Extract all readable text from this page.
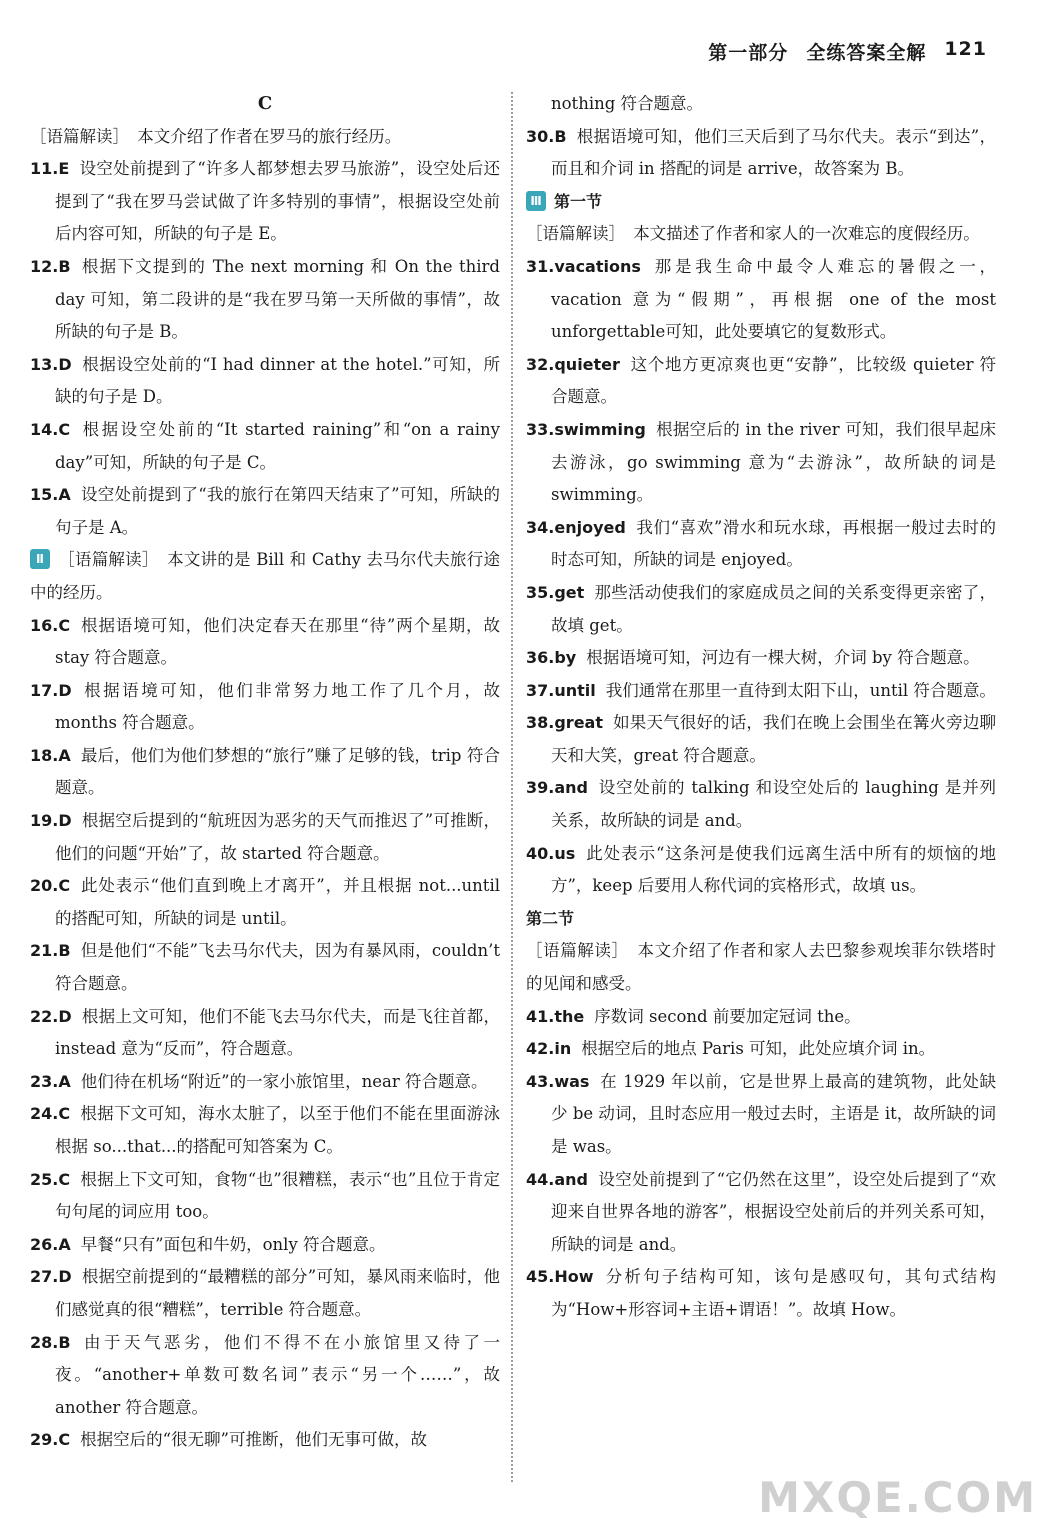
第一部分 全练答案全解 121
C
［语篇解读］　本文介绍了作者在罗马的旅行经历。
11.E 设空处前提到了“许多人都梦想去罗马旅游”，设空处后还提到了“我在罗马尝试做了许多特别的事情”，根据设空处前后内容可知，所缺的句子是 E。
12.B 根据下文提到的 The next morning 和 On the third day 可知，第二段讲的是“我在罗马第一天所做的事情”，故所缺的句子是 B。
13.D 根据设空处前的“I had dinner at the hotel.”可知，所缺的句子是 D。
14.C 根据设空处前的“It started raining”和“on a rainy day”可知，所缺的句子是 C。
15.A 设空处前提到了“我的旅行在第四天结束了”可知，所缺的句子是 A。
Ⅱ ［语篇解读］　本文讲的是 Bill 和 Cathy 去马尔代夫旅行途中的经历。
16.C 根据语境可知，他们决定春天在那里“待”两个星期，故 stay 符合题意。
17.D 根据语境可知，他们非常努力地工作了几个月，故 months 符合题意。
18.A 最后，他们为他们梦想的“旅行”赚了足够的钱，trip 符合题意。
19.D 根据空后提到的“航班因为恶劣的天气而推迟了”可推断，他们的问题“开始”了，故 started 符合题意。
20.C 此处表示“他们直到晚上才离开”，并且根据 not...until 的搭配可知，所缺的词是 until。
21.B 但是他们“不能”飞去马尔代夫，因为有暴风雨，couldn’t 符合题意。
22.D 根据上文可知，他们不能飞去马尔代夫，而是飞往首都，instead 意为“反而”，符合题意。
23.A 他们待在机场“附近”的一家小旅馆里，near 符合题意。
24.C 根据下文可知，海水太脏了，以至于他们不能在里面游泳根据 so...that...的搭配可知答案为 C。
25.C 根据上下文可知，食物“也”很糟糕，表示“也”且位于肯定句句尾的词应用 too。
26.A 早餐“只有”面包和牛奶，only 符合题意。
27.D 根据空前提到的“最糟糕的部分”可知，暴风雨来临时，他们感觉真的很“糟糕”，terrible 符合题意。
28.B 由于天气恶劣，他们不得不在小旅馆里又待了一夜。“another+单数可数名词”表示“另一个……”，故 another 符合题意。
29.C 根据空后的“很无聊”可推断，他们无事可做，故
nothing 符合题意。
30.B 根据语境可知，他们三天后到了马尔代夫。表示“到达”，而且和介词 in 搭配的词是 arrive，故答案为 B。
Ⅲ 第一节
［语篇解读］　本文描述了作者和家人的一次难忘的度假经历。
31.vacations 那是我生命中最令人难忘的暑假之一，vacation 意为“假期”，再根据 one of the most unforgettable可知，此处要填它的复数形式。
32.quieter 这个地方更凉爽也更“安静”，比较级 quieter 符合题意。
33.swimming 根据空后的 in the river 可知，我们很早起床去游泳，go swimming 意为“去游泳”，故所缺的词是 swimming。
34.enjoyed 我们“喜欢”滑水和玩水球，再根据一般过去时的时态可知，所缺的词是 enjoyed。
35.get 那些活动使我们的家庭成员之间的关系变得更亲密了，故填 get。
36.by 根据语境可知，河边有一棵大树，介词 by 符合题意。
37.until 我们通常在那里一直待到太阳下山，until 符合题意。
38.great 如果天气很好的话，我们在晚上会围坐在篝火旁边聊天和大笑，great 符合题意。
39.and 设空处前的 talking 和设空处后的 laughing 是并列关系，故所缺的词是 and。
40.us 此处表示“这条河是使我们远离生活中所有的烦恼的地方”，keep 后要用人称代词的宾格形式，故填 us。
第二节
［语篇解读］　本文介绍了作者和家人去巴黎参观埃菲尔铁塔时的见闻和感受。
41.the 序数词 second 前要加定冠词 the。
42.in 根据空后的地点 Paris 可知，此处应填介词 in。
43.was 在 1929 年以前，它是世界上最高的建筑物，此处缺少 be 动词，且时态应用一般过去时，主语是 it，故所缺的词是 was。
44.and 设空处前提到了“它仍然在这里”，设空处后提到了“欢迎来自世界各地的游客”，根据设空处前后的并列关系可知，所缺的词是 and。
45.How 分析句子结构可知，该句是感叹句，其句式结构为“How+形容词+主语+谓语！”。故填 How。
MXQE.COM
